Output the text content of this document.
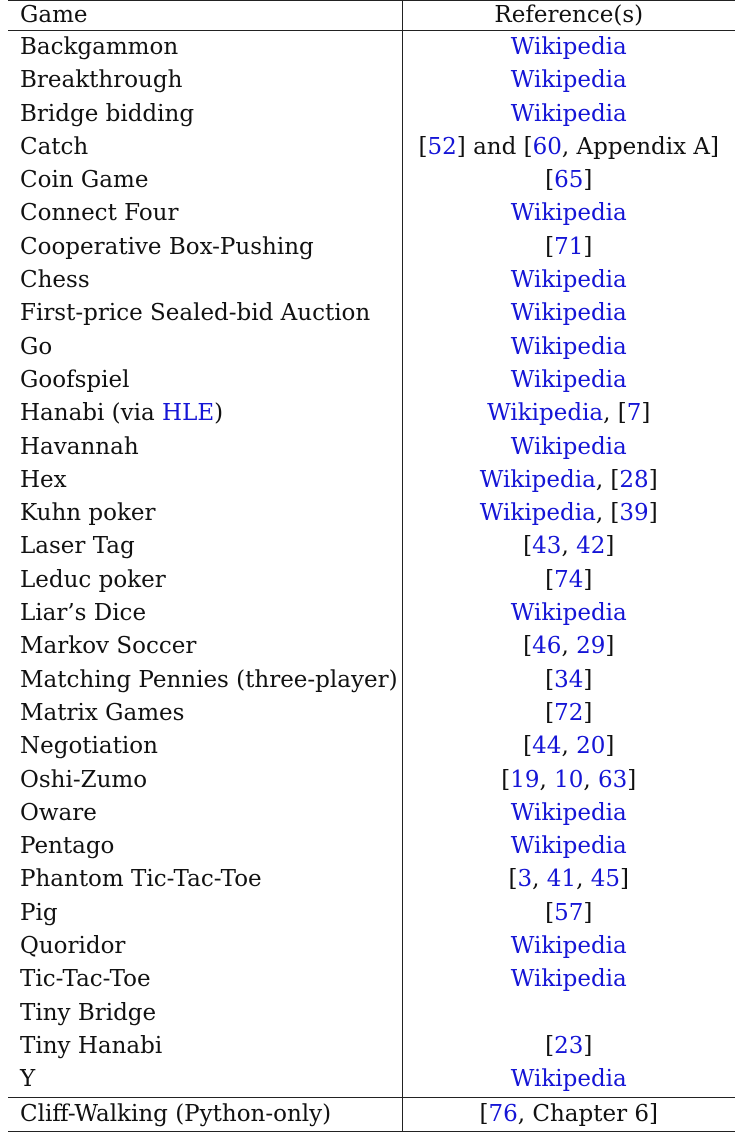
Game	Reference(s)
Backgammon	Wikipedia
Breakthrough	Wikipedia
Bridge bidding	Wikipedia
Catch	[52] and [60, Appendix A]
Coin Game	[65]
Connect Four	Wikipedia
Cooperative Box-Pushing	[71]
Chess	Wikipedia
First-price Sealed-bid Auction	Wikipedia
Go	Wikipedia
Goofspiel	Wikipedia
Hanabi (via HLE)	Wikipedia, [7]
Havannah	Wikipedia
Hex	Wikipedia, [28]
Kuhn poker	Wikipedia, [39]
Laser Tag	[43, 42]
Leduc poker	[74]
Liar’s Dice	Wikipedia
Markov Soccer	[46, 29]
Matching Pennies (three-player)	[34]
Matrix Games	[72]
Negotiation	[44, 20]
Oshi-Zumo	[19, 10, 63]
Oware	Wikipedia
Pentago	Wikipedia
Phantom Tic-Tac-Toe	[3, 41, 45]
Pig	[57]
Quoridor	Wikipedia
Tic-Tac-Toe	Wikipedia
Tiny Bridge	
Tiny Hanabi	[23]
Y	Wikipedia
Cliff-Walking (Python-only)	[76, Chapter 6]
